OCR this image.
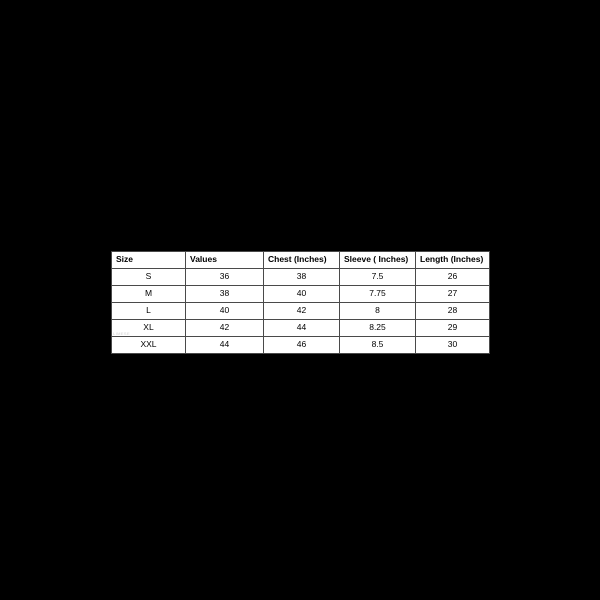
Size	Values	Chest (Inches)	Sleeve ( Inches)	Length (Inches)
S	36	38	7.5	26
M	38	40	7.75	27
L	40	42	8	28
XL	42	44	8.25	29
XXL	44	46	8.5	30
LIMESE
